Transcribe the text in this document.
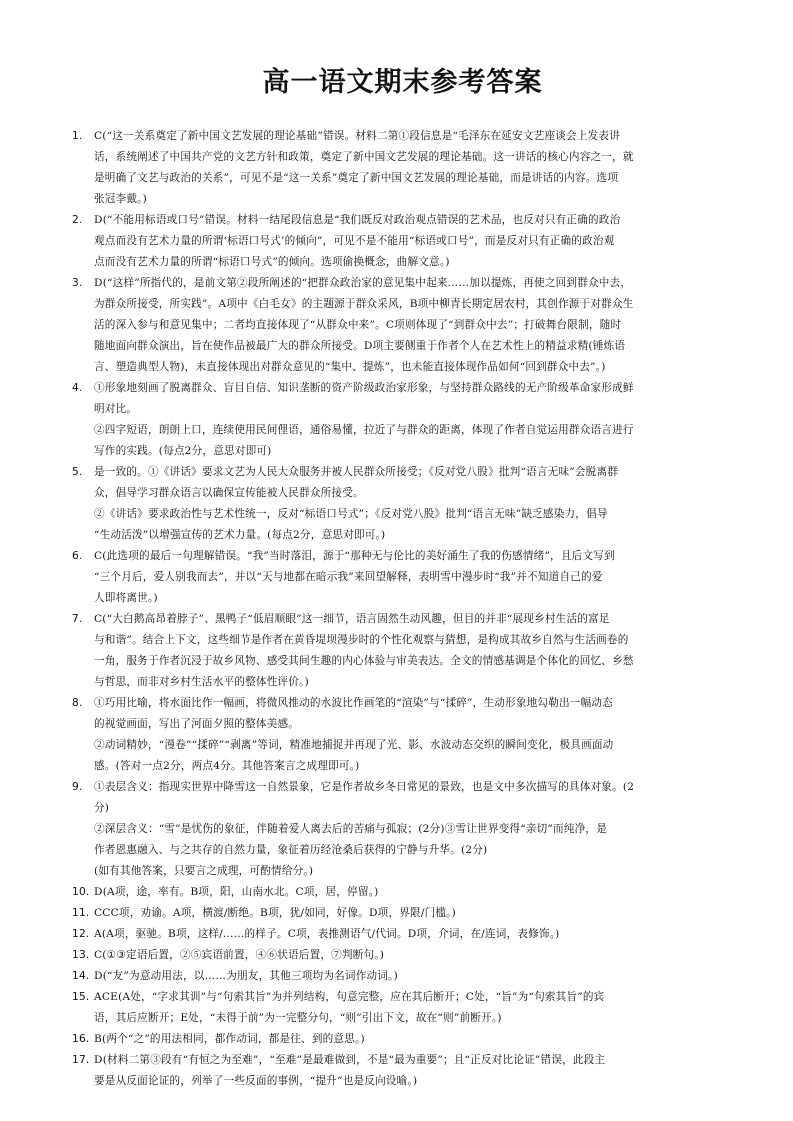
高一语文期末参考答案
1. C(“这一关系奠定了新中国文艺发展的理论基础”错误。材料二第①段信息是“毛泽东在延安文艺座谈会上发表讲
话，系统阐述了中国共产党的文艺方针和政策，奠定了新中国文艺发展的理论基础。这一讲话的核心内容之一，就
是明确了文艺与政治的关系”，可见不是“这一关系”奠定了新中国文艺发展的理论基础，而是讲话的内容。选项
张冠李戴。)
2. D(“不能用标语或口号”错误。材料一结尾段信息是“我们既反对政治观点错误的艺术品，也反对只有正确的政治
观点而没有艺术力量的所谓‘标语口号式’的倾向”，可见不是不能用“标语或口号”，而是反对只有正确的政治观
点而没有艺术力量的所谓“标语口号式”的倾向。选项偷换概念，曲解文意。)
3. D(“这样”所指代的，是前文第②段所阐述的“把群众政治家的意见集中起来……加以提炼，再使之回到群众中去，
为群众所接受，所实践”。A项中《白毛女》的主题源于群众采风，B项中柳青长期定居农村，其创作源于对群众生
活的深入参与和意见集中；二者均直接体现了“从群众中来”。C项则体现了“到群众中去”；打破舞台限制，随时
随地面向群众演出，旨在使作品被最广大的群众所接受。D项主要侧重于作者个人在艺术性上的精益求精(锤炼语
言、塑造典型人物)，未直接体现出对群众意见的“集中、提炼”，也未能直接体现作品如何“回到群众中去”。)
4. ①形象地刻画了脱离群众、盲目自信、知识垄断的资产阶级政治家形象，与坚持群众路线的无产阶级革命家形成鲜
明对比。
②四字短语，朗朗上口，连续使用民间俚语，通俗易懂，拉近了与群众的距离，体现了作者自觉运用群众语言进行
写作的实践。(每点2分，意思对即可)
5. 是一致的。①《讲话》要求文艺为人民大众服务并被人民群众所接受；《反对党八股》批判“语言无味”会脱离群
众，倡导学习群众语言以确保宣传能被人民群众所接受。
②《讲话》要求政治性与艺术性统一，反对“标语口号式”；《反对党八股》批判“语言无味”缺乏感染力，倡导
“生动活泼”以增强宣传的艺术力量。(每点2分，意思对即可。)
6. C(此选项的最后一句理解错误。“我”当时落泪，源于“那种无与伦比的美好涌生了我的伤感情绪”，且后文写到
“三个月后，爱人别我而去”，并以“天与地都在暗示我”来回望解释，表明雪中漫步时“我”并不知道自己的爱
人即将离世。)
7. C(“大白鹅高昂着脖子”、黑鸭子“低眉顺眼”这一细节，语言固然生动风趣，但目的并非“展现乡村生活的富足
与和谐”。结合上下文，这些细节是作者在黄昏堤坝漫步时的个性化观察与猜想，是构成其故乡自然与生活画卷的
一角，服务于作者沉浸于故乡风物、感受其间生趣的内心体验与审美表达。全文的情感基调是个体化的回忆、乡愁
与哲思，而非对乡村生活水平的整体性评价。)
8. ①巧用比喻，将水面比作一幅画，将微风推动的水波比作画笔的“渲染”与“揉碎”，生动形象地勾勒出一幅动态
的视觉画面，写出了河面夕照的整体美感。
②动词精妙，“漫卷”“揉碎”“剥离”等词，精准地捕捉并再现了光、影、水波动态交织的瞬间变化，极具画面动
感。(答对一点2分，两点4分。其他答案言之成理即可。)
9. ①表层含义：指现实世界中降雪这一自然景象，它是作者故乡冬日常见的景致，也是文中多次描写的具体对象。(2
分)
②深层含义：“雪”是忧伤的象征，伴随着爱人离去后的苦痛与孤寂；(2分)③雪让世界变得“亲切”而纯净，是
作者恩惠融入、与之共存的自然力量，象征着历经沧桑后获得的宁静与升华。(2分)
(如有其他答案，只要言之成理，可酌情给分。)
10. D(A项，途，率有。B项，阳，山南水北。C项，居，停留。)
11. CCC项，劝谕。A项，横渡/断绝。B项，犹/如同，好像。D项，界限/门槛。)
12. A(A项，驱驰。B项，这样/……的样子。C项，表推测语气/代词。D项，介词，在/连词，表修饰。)
13. C(①③定语后置，②⑤宾语前置，④⑥状语后置，⑦判断句。)
14. D(“友”为意动用法，以……为朋友，其他三项均为名词作动词。)
15. ACE(A处，“字求其训”与“句索其旨”为并列结构，句意完整，应在其后断开；C处，“旨”为“句索其旨”的宾
语，其后应断开；E处，“未得于前”为一完整分句，“则”引出下文，故在“则”前断开。)
16. B(两个“之”的用法相同，都作动词，都是往、到的意思。)
17. D(材料二第③段有“有恒之为至难”，“至难”是最难做到，不是“最为重要”；且“正反对比论证”错误，此段主
要是从反面论证的，列举了一些反面的事例，“提升”也是反向设喻。)
